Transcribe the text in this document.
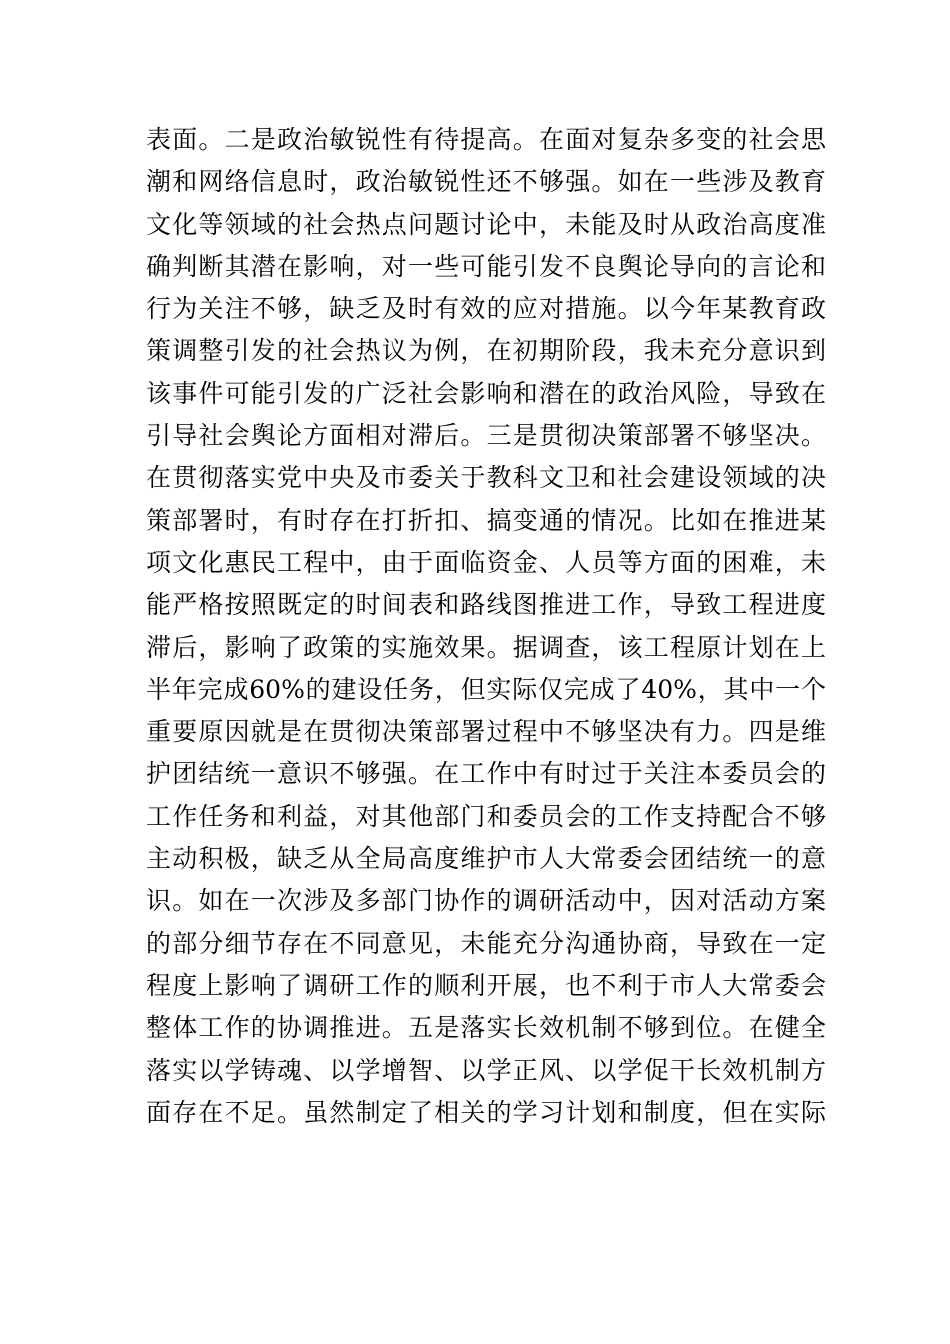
表面。二是政治敏锐性有待提高。在面对复杂多变的社会思
潮和网络信息时，政治敏锐性还不够强。如在一些涉及教育
文化等领域的社会热点问题讨论中，未能及时从政治高度准
确判断其潜在影响，对一些可能引发不良舆论导向的言论和
行为关注不够，缺乏及时有效的应对措施。以今年某教育政
策调整引发的社会热议为例，在初期阶段，我未充分意识到
该事件可能引发的广泛社会影响和潜在的政治风险，导致在
引导社会舆论方面相对滞后。三是贯彻决策部署不够坚决。
在贯彻落实党中央及市委关于教科文卫和社会建设领域的决
策部署时，有时存在打折扣、搞变通的情况。比如在推进某
项文化惠民工程中，由于面临资金、人员等方面的困难，未
能严格按照既定的时间表和路线图推进工作，导致工程进度
滞后，影响了政策的实施效果。据调查，该工程原计划在上
半年完成60%的建设任务，但实际仅完成了40%，其中一个
重要原因就是在贯彻决策部署过程中不够坚决有力。四是维
护团结统一意识不够强。在工作中有时过于关注本委员会的
工作任务和利益，对其他部门和委员会的工作支持配合不够
主动积极，缺乏从全局高度维护市人大常委会团结统一的意
识。如在一次涉及多部门协作的调研活动中，因对活动方案
的部分细节存在不同意见，未能充分沟通协商，导致在一定
程度上影响了调研工作的顺利开展，也不利于市人大常委会
整体工作的协调推进。五是落实长效机制不够到位。在健全
落实以学铸魂、以学增智、以学正风、以学促干长效机制方
面存在不足。虽然制定了相关的学习计划和制度，但在实际
